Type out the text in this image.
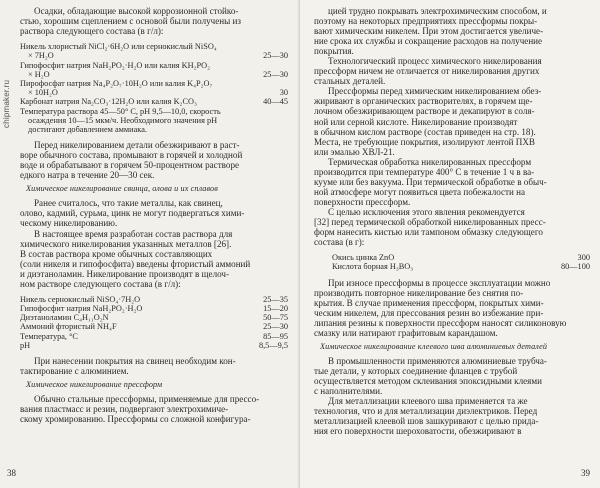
chipmaker.ru
Осадки, обладающие высокой коррозионной стойко-
стью, хорошим сцеплением с основой были получены из
раствора следующего состава (в г/л):
Никель хлористый NiCl₂·6H₂O или сернокислый NiSO₄
× 7H₂O	25—30
Гипофосфит натрия NaH₂PO₂·H₂O или калия KH₂PO₂
× H₂O	25—30
Пирофосфат натрия Na₄P₂O₇·10H₂O или калия K₄P₂O₇
× 10H₂O	30
Карбонат натрия Na₂CO₃·12H₂O или калия K₂CO₃	40—45
Температура раствора 45—50° С, рН 9,5—10,0, скорость
осаждения 10—15 мкм/ч. Необходимого значения рН
достигают добавлением аммиака.
Перед никелированием детали обезжиривают в раст-
воре обычного состава, промывают в горячей и холодной
воде и обрабатывают в горячем 50-процентном растворе
едкого натра в течение 20—30 сек.
Химическое никелирование свинца, олова и их сплавов
Ранее считалось, что такие металлы, как свинец,
олово, кадмий, сурьма, цинк не могут подвергаться хими-
ческому никелированию.
В настоящее время разработан состав раствора для
химического никелирования указанных металлов [26].
В состав раствора кроме обычных составляющих
(соли никеля и гипофосфита) введены фтористый аммоний
и диэтаноламин. Никелирование производят в щелоч-
ном растворе следующего состава (в г/л):
Никель сернокислый NiSO₄·7H₂O	25—35
Гипофосфит натрия NaH₂PO₂·H₂O	15—20
Диэтаноламин C₄H₁₁O₂N	50—75
Аммоний фтористый NH₄F	25—30
Температура, °С	85—95
pH	8,5—9,5
При нанесении покрытия на свинец необходим кон-
тактирование с алюминием.
Химическое никелирование прессформ
Обычно стальные прессформы, применяемые для прессо-
вания пластмасс и резин, подвергают электрохимиче-
скому хромированию. Прессформы со сложной конфигура-
38
цией трудно покрывать электрохимическим способом, и
поэтому на некоторых предприятиях прессформы покры-
вают химическим никелем. При этом достигается увеличе-
ние срока их службы и сокращение расходов на получение
покрытия.
Технологический процесс химического никелирования
прессформ ничем не отличается от никелирования других
стальных деталей.
Прессформы перед химическим никелированием обез-
жиривают в органических растворителях, в горячем ще-
лочном обезжиривающем растворе и декапируют в соля-
ной или серной кислоте. Никелирование производят
в обычном кислом растворе (состав приведен на стр. 18).
Места, не требующие покрытия, изолируют лентой ПХВ
или эмалью ХВЛ-21.
Термическая обработка никелированных прессформ
производится при температуре 400° С в течение 1 ч в ва-
кууме или без вакуума. При термической обработке в обыч-
ной атмосфере могут появиться цвета побежалости на
поверхности прессформ.
С целью исключения этого явления рекомендуется
[32] перед термической обработкой никелированных пресс-
форм нанесить кистью или тампоном обмазку следующего
состава (в г):
Окись цинка ZnO	300
Кислота борная H₃BO₃	80—100
При износе прессформы в процессе эксплуатации можно
производить повторное никелирование без снятия по-
крытия. В случае применения прессформ, покрытых хими-
ческим никелем, для прессования резин во избежание при-
липания резины к поверхности прессформ наносят силиконовую
смазку или натирают графитовым карандашом.
Химическое никелирование клеевого шва алюминиевых деталей
В промышленности применяются алюминиевые трубча-
тые детали, у которых соединение фланцев с трубой
осуществляется методом склеивания эпоксидными клеями
с наполнителями.
Для металлизации клеевого шва применяется та же
технология, что и для металлизации диэлектриков. Перед
металлизацией клеевой шов зашкуривают с целью прида-
ния его поверхности шероховатости, обезжиривают в
39
